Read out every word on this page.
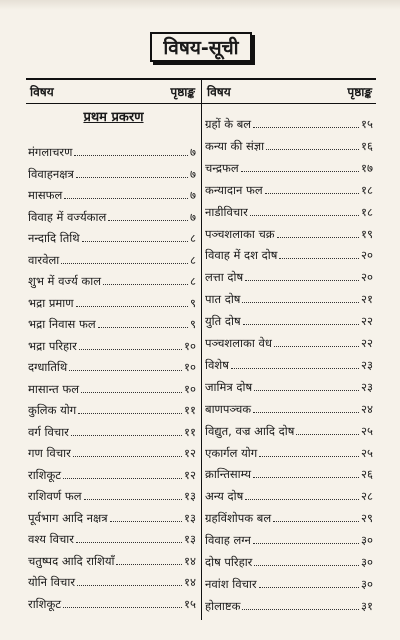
विषय-सूची
विषय	पृष्ठाङ्क विषय	पृष्ठाङ्क
प्रथम प्रकरण
मंगलाचरण	७
विवाहनक्षत्र	७
मासफल	७
विवाह में वर्ज्यकाल	७
नन्दादि तिथि	८
वारवेला	८
शुभ में वर्ज्य काल	८
भद्रा प्रमाण	९
भद्रा निवास फल	९
भद्रा परिहार	१०
दग्धातिथि	१०
मासान्त फल	१०
कुलिक योग	११
वर्ग विचार	११
गण विचार	१२
राशिकूट	१२
राशिवर्ण फल	१३
पूर्वभाग आदि नक्षत्र	१३
वश्य विचार	१३
चतुष्पद आदि राशियाँ	१४
योनि विचार	१४
राशिकूट	१५
ग्रहों के बल	१५
कन्या की संज्ञा	१६
चन्द्रफल	१७
कन्यादान फल	१८
नाडीविचार	१८
पञ्चशलाका चक्र	१९
विवाह में दश दोष	२०
लत्ता दोष	२०
पात दोष	२१
युति दोष	२२
पञ्चशलाका वेध	२२
विशेष	२३
जामित्र दोष	२३
बाणपञ्चक	२४
विद्युत, वज्र आदि दोष	२५
एकार्गल योग	२५
क्रान्तिसाम्य	२६
अन्य दोष	२८
ग्रहविंशोपक बल	२९
विवाह लग्न	३०
दोष परिहार	३०
नवांश विचार	३०
होलाष्टक	३१
